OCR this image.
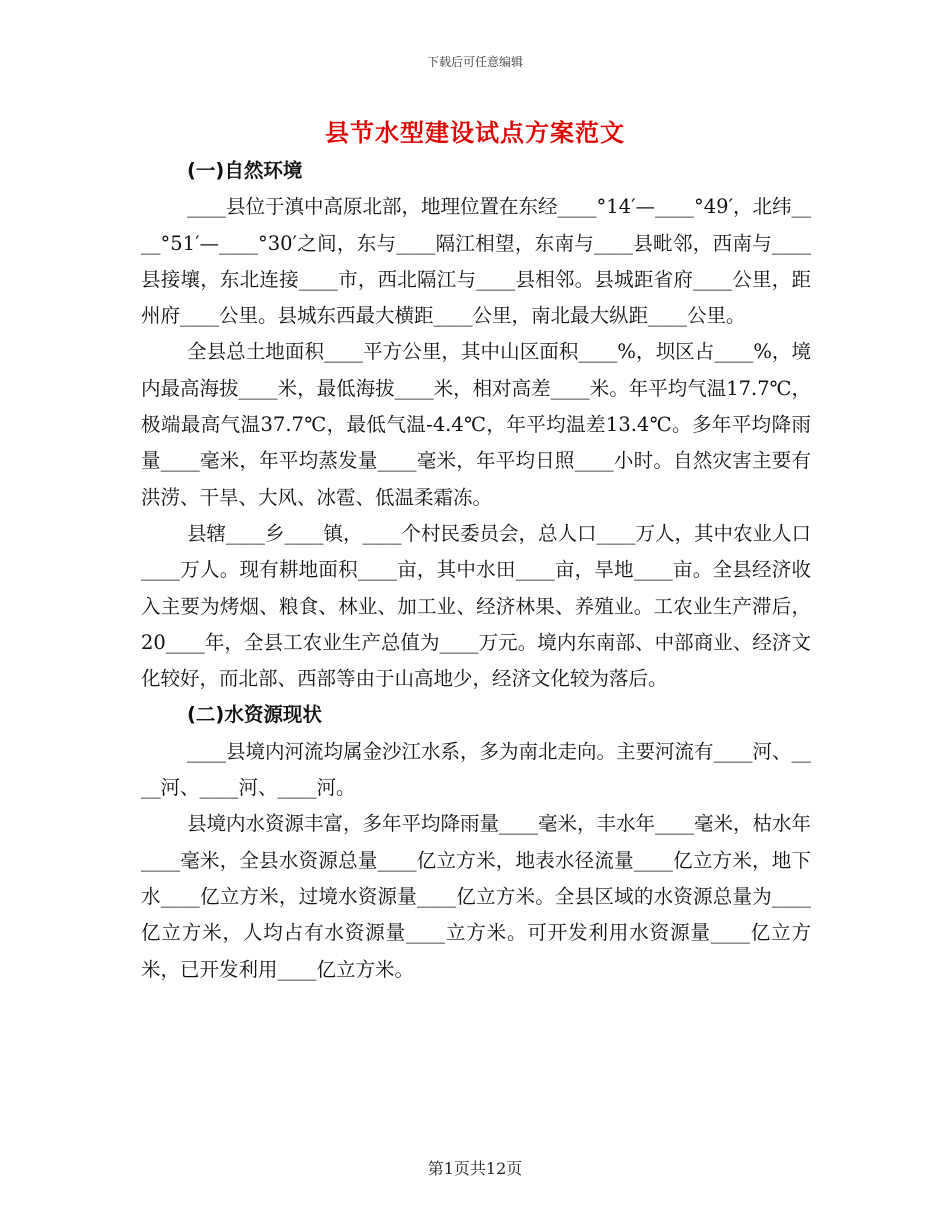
下载后可任意编辑
县节水型建设试点方案范文
(一)自然环境

____县位于滇中高原北部，地理位置在东经____°14′—____°49′，北纬____°51′—____°30′之间，东与____隔江相望，东南与____县毗邻，西南与____县接壤，东北连接____市，西北隔江与____县相邻。县城距省府____公里，距州府____公里。县城东西最大横距____公里，南北最大纵距____公里。

全县总土地面积____平方公里，其中山区面积____%，坝区占____%，境内最高海拔____米，最低海拔____米，相对高差____米。年平均气温17.7℃，极端最高气温37.7℃，最低气温-4.4℃，年平均温差13.4℃。多年平均降雨量____毫米，年平均蒸发量____毫米，年平均日照____小时。自然灾害主要有洪涝、干旱、大风、冰雹、低温柔霜冻。

县辖____乡____镇，____个村民委员会，总人口____万人，其中农业人口____万人。现有耕地面积____亩，其中水田____亩，旱地____亩。全县经济收入主要为烤烟、粮食、林业、加工业、经济林果、养殖业。工农业生产滞后，20____年，全县工农业生产总值为____万元。境内东南部、中部商业、经济文化较好，而北部、西部等由于山高地少，经济文化较为落后。

(二)水资源现状

____县境内河流均属金沙江水系，多为南北走向。主要河流有____河、____河、____河、____河。

县境内水资源丰富，多年平均降雨量____毫米，丰水年____毫米，枯水年____毫米，全县水资源总量____亿立方米，地表水径流量____亿立方米，地下水____亿立方米，过境水资源量____亿立方米。全县区域的水资源总量为____亿立方米，人均占有水资源量____立方米。可开发利用水资源量____亿立方米，已开发利用____亿立方米。

第1页共12页
